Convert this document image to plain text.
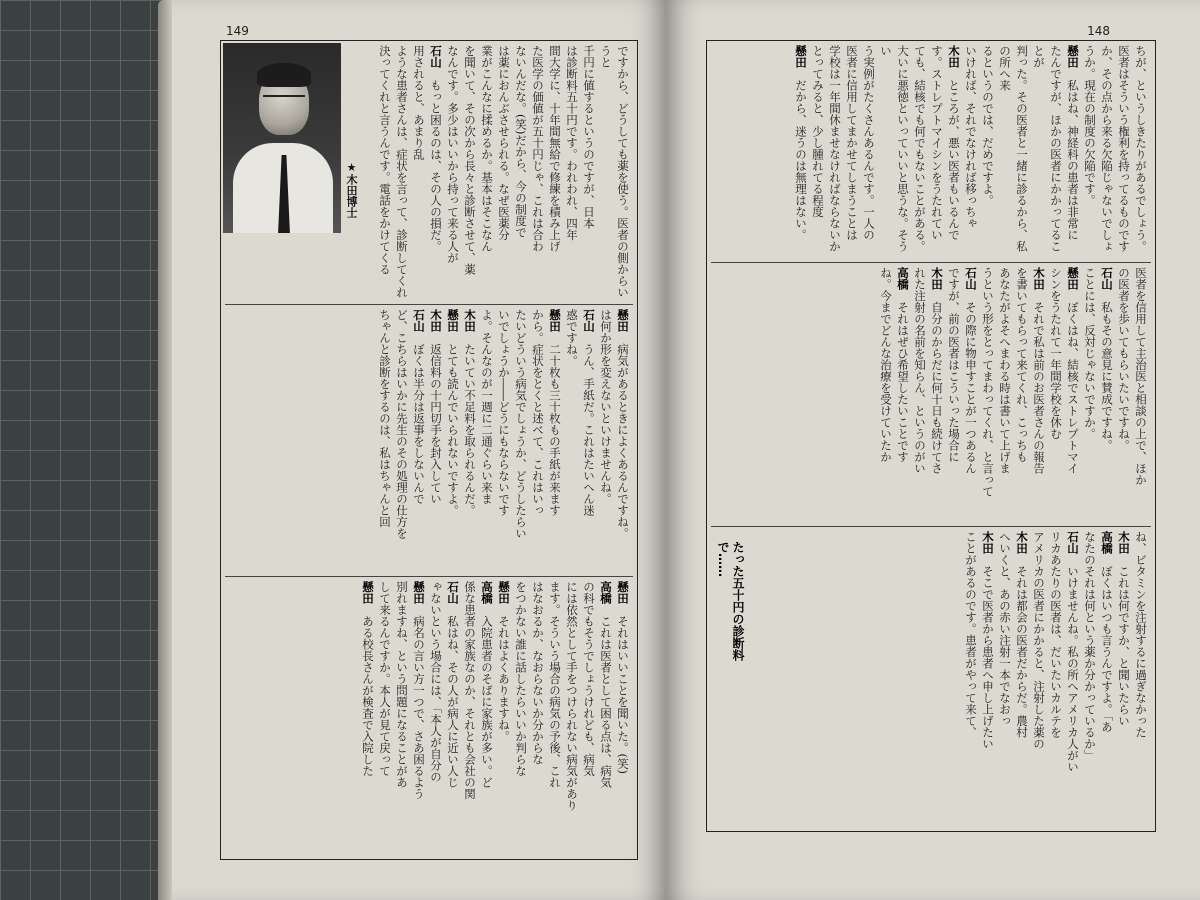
149

ですから、どうしても薬を使う。医者の側からいうと

千円に値するというのですが、日本

は診断料五十円です。われわれ、四年

間大学に、十年間無給で修練を積み上げ

た医学の価値が五十円じゃ、これは合わ

ないんだな。(笑)だから、今の制度で

は薬におんぶさせられる。なぜ医薬分

業がこんなに揉めるか。基本はそこなん

を聞いて、その次から長々と診断させて、薬

なんです。多少はいいから持って来る人が

石山　もっと困るのは、その人の損だ。

用されると、あまり乱

ような患者さんは、症状を言って、診断してくれ

決ってくれと言うんです。電話をかけてくる

懸田　病気があるときによくあるんですね。

は何か形を変えないといけませんね。

石山　うん、手紙だ。これはたいへん迷

惑ですね。

懸田　二十枚も三十枚もの手紙が来ます

から。症状をとくと述べて、これはいっ

たいどういう病気でしょうか、どうしたらい

いでしょうか――どうにもならないです

よ。そんなのが一週に二通ぐらい来ま

木田　たいてい不足料を取られるんだ。

懸田　とても読んでいられないですよ。

木田　返信料の十円切手を封入してい

石山　ぼくは半分は返事をしないんで

ど、こちらはいかに先生のその処理の仕方を

ちゃんと診断をするのは、私はちゃんと回

懸田　それはいいことを聞いた。(笑)

高橋　これは医者として困る点は、病気

の科でもそうでしょうけれども、病気

には依然として手をつけられない病気があり

ます。そういう場合の病気の予後、これ

はなおるか、なおらないか分からな

をつかない誰に話したらいいか判らな

懸田　それはよくありますね。

高橋　入院患者のそばに家族が多い。ど

係な患者の家族なのか、それとも会社の関

石山　私はね、その人が病人に近い人じ

ゃないという場合には、「本人が自分の

懸田　病名の言い方一つで、さあ困るよう

別れますね、という問題になることがあ

して来るんですか。本人が見て戻って

懸田　ある校長さんが検査で入院した

★木田博士
148

ちが、というしきたりがあるでしょう。

医者はそういう権利を持ってるものです

か、その点から来る欠陥じゃないでしょ

うか。現在の制度の欠陥です。

懸田　私はね、神経科の患者は非常に

たんですが、ほかの医者にかかってることが

判った。その医者と一緒に診るから、私の所へ来

るというのでは、だめですよ。

いければ、それでなければ移っちゃ

木田　ところが、悪い医者もいるんで

す。ストレプトマイシンをうたれてい

ても、結核でも何でもないことがある。

大いに悪徳といっていいと思うな。そうい

う実例がたくさんあるんです。一人の

医者に信用してまかせてしまうことは

学校は一年間休ませなければならないか

とってみると、少し腫れてる程度

懸田　だから、迷うのは無理はない。

医者を信用して主治医と相談の上で、ほか

の医者を歩いてもらいたいですね。

石山　私もその意見に賛成ですね。

ことには、反対じゃないですか。

懸田　ぼくはね、結核でストレプトマイ

シンをうたれて一年間学校を休む

木田　それで私は前のお医者さんの報告

を書いてもらって来てくれ、こっちも

あなたがよそへまわる時は書いて上げま

うという形をとってまわってくれ、と言って

石山　その際に物申すことが一つあるん

ですが、前の医者はこういった場合に

木田　自分のからだに何十日も続けてさ

れた注射の名前を知らん、というのがい

高橋　それはぜひ希望したいことです

ね。今までどんな治療を受けていたか

ね、ビタミンを注射するに過ぎなかった

木田　これは何ですか、と聞いたらい

高橋　ぼくはいつも言うんですよ。「あ

なたのそれは何という薬か分かっているか」

石山　いけませんね。私の所へアメリカ人がい

リカあたりの医者は、だいたいカルテを

アメリカの医者にかかると、注射した薬の

木田　それは都会の医者だからだ。農村

へいくと、あの赤い注射一本でなおっ

木田　そこで医者から患者へ申し上げたい

ことがあるのです。患者がやって来て、

たった五十円の診断料で……
